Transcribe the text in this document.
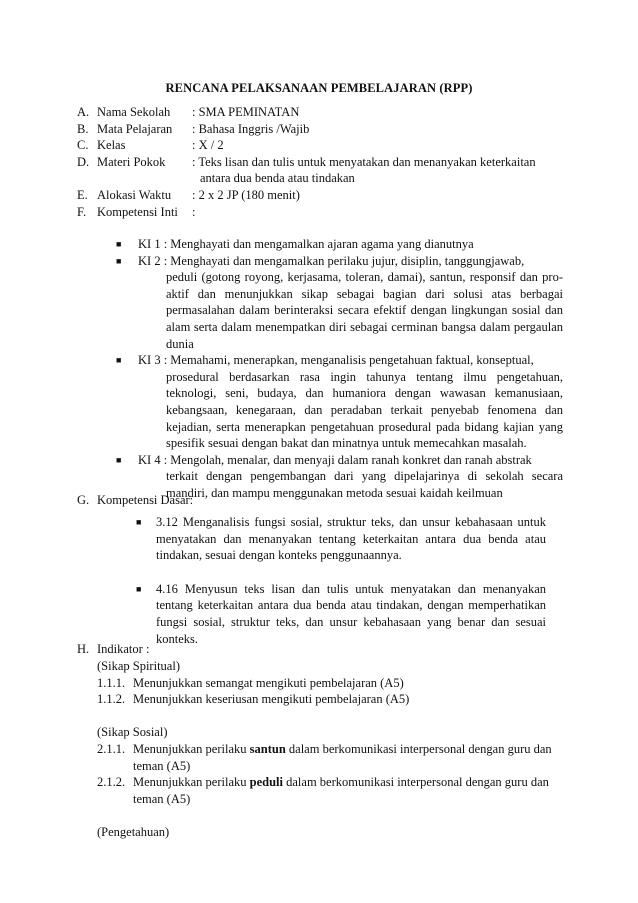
RENCANA PELAKSANAAN PEMBELAJARAN (RPP)
A. Nama Sekolah : SMA PEMINATAN
B. Mata Pelajaran : Bahasa Inggris /Wajib
C. Kelas	: X / 2
D. Materi Pokok : Teks lisan dan tulis untuk menyatakan dan menanyakan keterkaitan
antara dua benda atau tindakan
E. Alokasi Waktu : 2 x 2 JP (180 menit)
F. Kompetensi Inti :
■ KI 1 : Menghayati dan mengamalkan ajaran agama yang dianutnya
■ KI 2 : Menghayati dan mengamalkan perilaku jujur, disiplin, tanggungjawab,
peduli (gotong royong, kerjasama, toleran, damai), santun, responsif dan pro-aktif dan menunjukkan sikap sebagai bagian dari solusi atas berbagai permasalahan dalam berinteraksi secara efektif dengan lingkungan sosial dan alam serta dalam menempatkan diri sebagai cerminan bangsa dalam pergaulan dunia
■ KI 3 : Memahami, menerapkan, menganalisis pengetahuan faktual, konseptual,
prosedural berdasarkan rasa ingin tahunya tentang ilmu pengetahuan, teknologi, seni, budaya, dan humaniora dengan wawasan kemanusiaan, kebangsaan, kenegaraan, dan peradaban terkait penyebab fenomena dan kejadian, serta menerapkan pengetahuan prosedural pada bidang kajian yang spesifik sesuai dengan bakat dan minatnya untuk memecahkan masalah.
■ KI 4 : Mengolah, menalar, dan menyaji dalam ranah konkret dan ranah abstrak
terkait dengan pengembangan dari yang dipelajarinya di sekolah secara mandiri, dan mampu menggunakan metoda sesuai kaidah keilmuan
G. Kompetensi Dasar:
■ 3.12 Menganalisis fungsi sosial, struktur teks, dan unsur kebahasaan untuk menyatakan dan menanyakan tentang keterkaitan antara dua benda atau tindakan, sesuai dengan konteks penggunaannya.
■ 4.16 Menyusun teks lisan dan tulis untuk menyatakan dan menanyakan tentang keterkaitan antara dua benda atau tindakan, dengan memperhatikan fungsi sosial, struktur teks, dan unsur kebahasaan yang benar dan sesuai konteks.
H. Indikator :
(Sikap Spiritual)
1.1.1. Menunjukkan semangat mengikuti pembelajaran (A5)
1.1.2. Menunjukkan keseriusan mengikuti pembelajaran (A5)
(Sikap Sosial)
2.1.1. Menunjukkan perilaku santun dalam berkomunikasi interpersonal dengan guru dan teman (A5)
2.1.2. Menunjukkan perilaku peduli dalam berkomunikasi interpersonal dengan guru dan teman (A5)
(Pengetahuan)
